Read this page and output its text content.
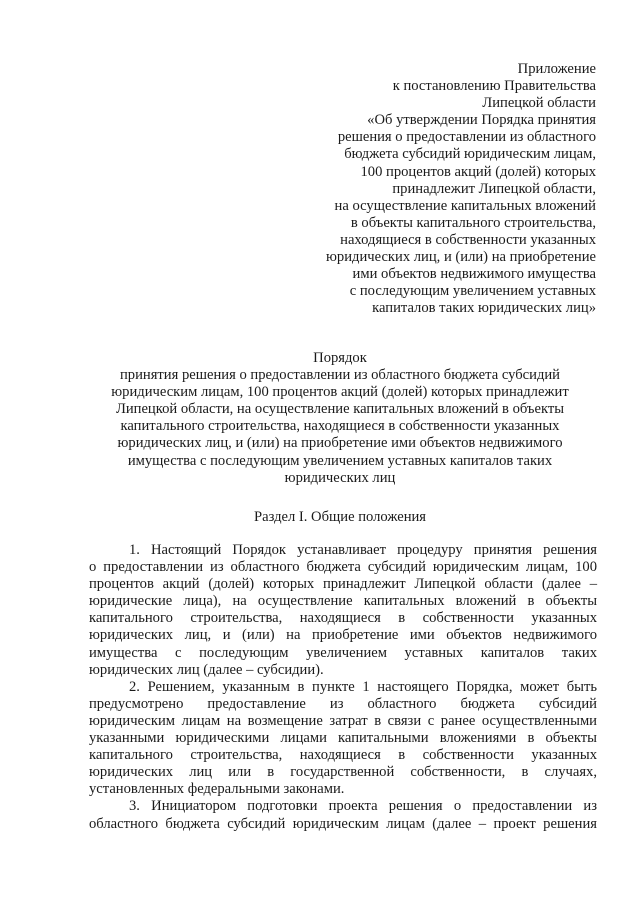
Приложение
к постановлению Правительства
Липецкой области
«Об утверждении Порядка принятия
решения о предоставлении из областного
бюджета субсидий юридическим лицам,
100 процентов акций (долей) которых
принадлежит Липецкой области,
на осуществление капитальных вложений
в объекты капитального строительства,
находящиеся в собственности указанных
юридических лиц, и (или) на приобретение
ими объектов недвижимого имущества
с последующим увеличением уставных
капиталов таких юридических лиц»
Порядок
принятия решения о предоставлении из областного бюджета субсидий
юридическим лицам, 100 процентов акций (долей) которых принадлежит
Липецкой области, на осуществление капитальных вложений в объекты
капитального строительства, находящиеся в собственности указанных
юридических лиц, и (или) на приобретение ими объектов недвижимого
имущества с последующим увеличением уставных капиталов таких
юридических лиц
Раздел I. Общие положения
1. Настоящий Порядок устанавливает процедуру принятия решения
о предоставлении из областного бюджета субсидий юридическим лицам, 100
процентов акций (долей) которых принадлежит Липецкой области (далее –
юридические лица), на осуществление капитальных вложений в объекты
капитального строительства, находящиеся в собственности указанных
юридических лиц, и (или) на приобретение ими объектов недвижимого
имущества с последующим увеличением уставных капиталов таких
юридических лиц (далее – субсидии).
2. Решением, указанным в пункте 1 настоящего Порядка, может быть
предусмотрено предоставление из областного бюджета субсидий
юридическим лицам на возмещение затрат в связи с ранее осуществленными
указанными юридическими лицами капитальными вложениями в объекты
капитального строительства, находящиеся в собственности указанных
юридических лиц или в государственной собственности, в случаях,
установленных федеральными законами.
3. Инициатором подготовки проекта решения о предоставлении из
областного бюджета субсидий юридическим лицам (далее – проект решения
